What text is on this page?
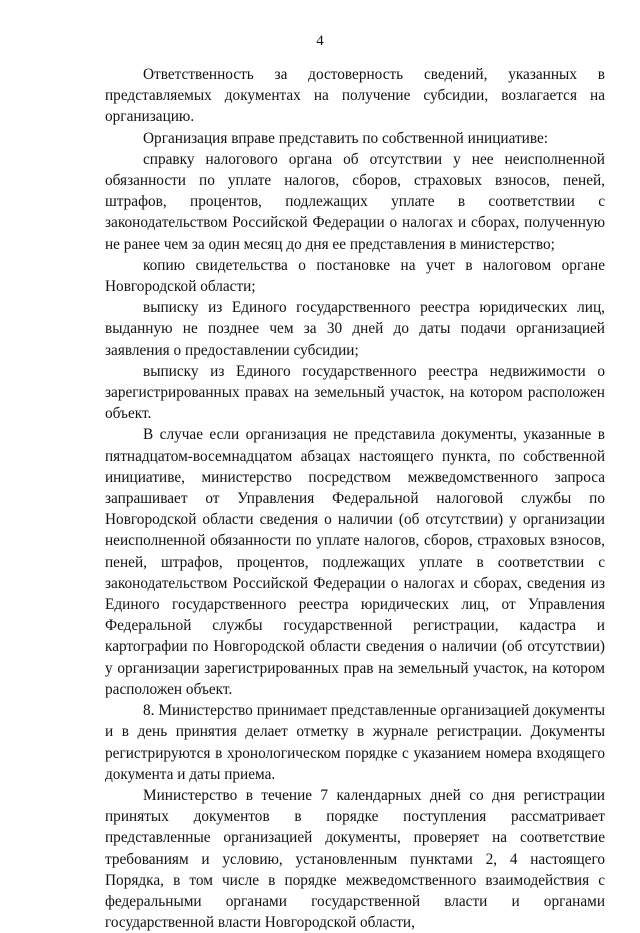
4

Ответственность за достоверность сведений, указанных в представляемых документах на получение субсидии, возлагается на организацию.

Организация вправе представить по собственной инициативе:

справку налогового органа об отсутствии у нее неисполненной обязанности по уплате налогов, сборов, страховых взносов, пеней, штрафов, процентов, подлежащих уплате в соответствии с законодательством Российской Федерации о налогах и сборах, полученную не ранее чем за один месяц до дня ее представления в министерство;

копию свидетельства о постановке на учет в налоговом органе Новгородской области;

выписку из Единого государственного реестра юридических лиц, выданную не позднее чем за 30 дней до даты подачи организацией заявления о предоставлении субсидии;

выписку из Единого государственного реестра недвижимости о зарегистрированных правах на земельный участок, на котором расположен объект.

В случае если организация не представила документы, указанные в пятнадцатом-восемнадцатом абзацах настоящего пункта, по собственной инициативе, министерство посредством межведомственного запроса запрашивает от Управления Федеральной налоговой службы по Новгородской области сведения о наличии (об отсутствии) у организации неисполненной обязанности по уплате налогов, сборов, страховых взносов, пеней, штрафов, процентов, подлежащих уплате в соответствии с законодательством Российской Федерации о налогах и сборах, сведения из Единого государственного реестра юридических лиц, от Управления Федеральной службы государственной регистрации, кадастра и картографии по Новгородской области сведения о наличии (об отсутствии) у организации зарегистрированных прав на земельный участок, на котором расположен объект.

8. Министерство принимает представленные организацией документы и в день принятия делает отметку в журнале регистрации. Документы регистрируются в хронологическом порядке с указанием номера входящего документа и даты приема.

Министерство в течение 7 календарных дней со дня регистрации принятых документов в порядке поступления рассматривает представленные организацией документы, проверяет на соответствие требованиям и условию, установленным пунктами 2, 4 настоящего Порядка, в том числе в порядке межведомственного взаимодействия с федеральными органами государственной власти и органами государственной власти Новгородской области,
